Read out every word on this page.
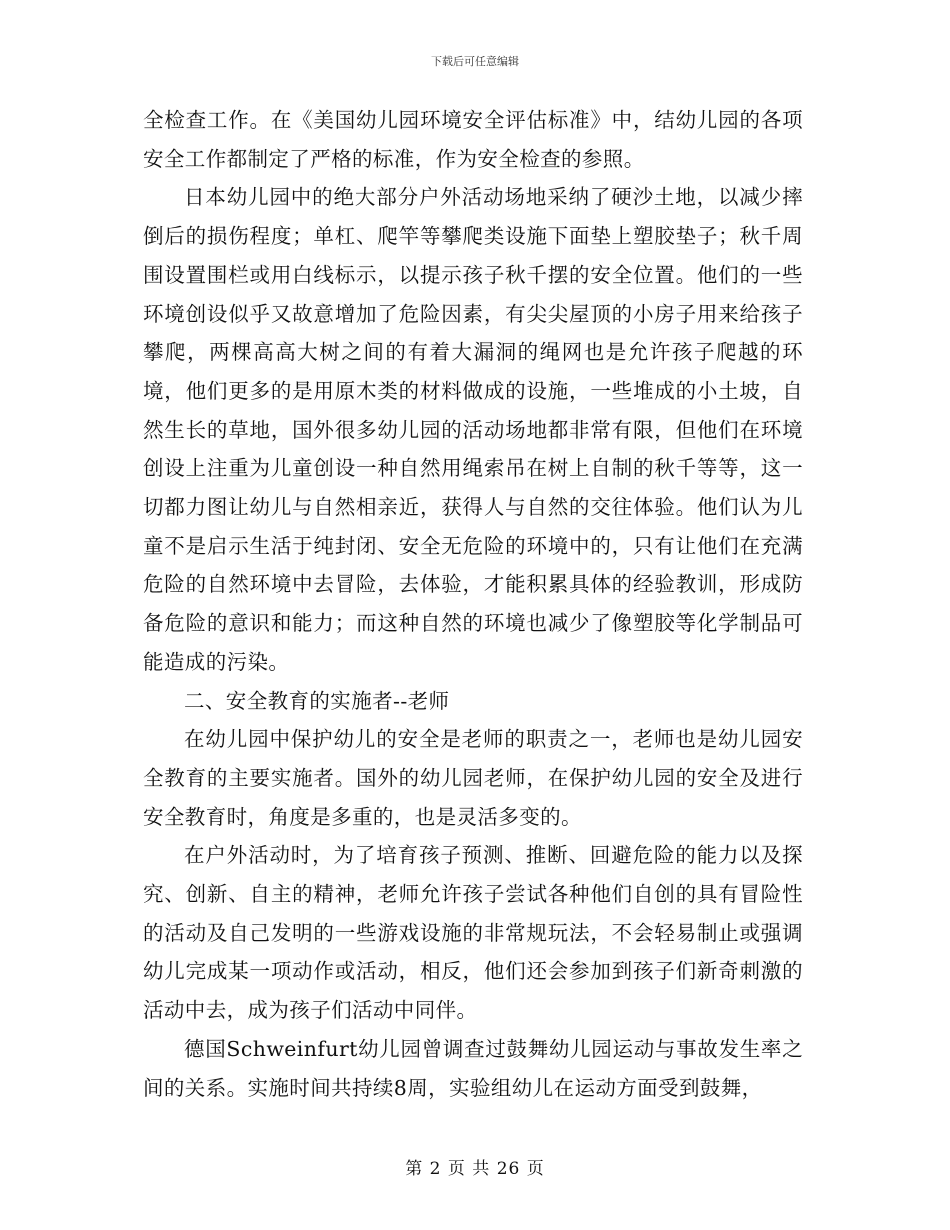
下载后可任意编辑

全检查工作。在《美国幼儿园环境安全评估标准》中，结幼儿园的各项安全工作都制定了严格的标准，作为安全检查的参照。

日本幼儿园中的绝大部分户外活动场地采纳了硬沙土地，以减少摔倒后的损伤程度；单杠、爬竿等攀爬类设施下面垫上塑胶垫子；秋千周围设置围栏或用白线标示，以提示孩子秋千摆的安全位置。他们的一些环境创设似乎又故意增加了危险因素，有尖尖屋顶的小房子用来给孩子攀爬，两棵高高大树之间的有着大漏洞的绳网也是允许孩子爬越的环境，他们更多的是用原木类的材料做成的设施，一些堆成的小土坡，自然生长的草地，国外很多幼儿园的活动场地都非常有限，但他们在环境创设上注重为儿童创设一种自然用绳索吊在树上自制的秋千等等，这一切都力图让幼儿与自然相亲近，获得人与自然的交往体验。他们认为儿童不是启示生活于纯封闭、安全无危险的环境中的，只有让他们在充满危险的自然环境中去冒险，去体验，才能积累具体的经验教训，形成防备危险的意识和能力；而这种自然的环境也减少了像塑胶等化学制品可能造成的污染。

二、安全教育的实施者--老师

在幼儿园中保护幼儿的安全是老师的职责之一，老师也是幼儿园安全教育的主要实施者。国外的幼儿园老师，在保护幼儿园的安全及进行安全教育时，角度是多重的，也是灵活多变的。

在户外活动时，为了培育孩子预测、推断、回避危险的能力以及探究、创新、自主的精神，老师允许孩子尝试各种他们自创的具有冒险性的活动及自己发明的一些游戏设施的非常规玩法，不会轻易制止或强调幼儿完成某一项动作或活动，相反，他们还会参加到孩子们新奇刺激的活动中去，成为孩子们活动中同伴。

德国Schweinfurt幼儿园曾调查过鼓舞幼儿园运动与事故发生率之间的关系。实施时间共持续8周，实验组幼儿在运动方面受到鼓舞，

第 2 页 共 26 页
